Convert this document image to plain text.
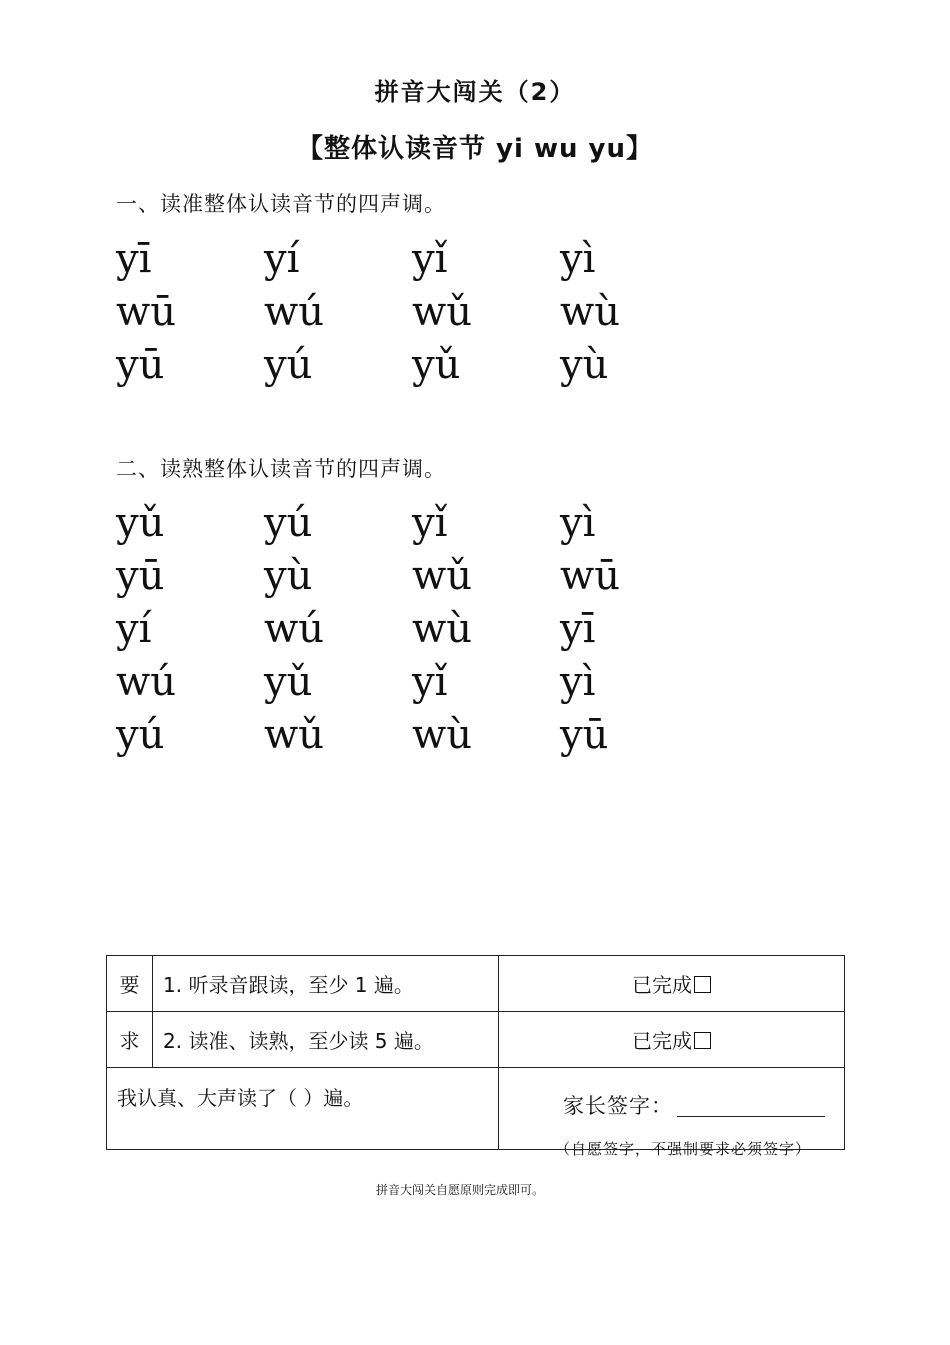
拼音大闯关（2）
【整体认读音节 yi wu yu】
一、读准整体认读音节的四声调。
yī	yí	yǐ	yì
wū	wú	wǔ	wù
yū	yú	yǔ	yù
二、读熟整体认读音节的四声调。
yǔ	yú	yǐ	yì
yū	yù	wǔ	wū
yí	wú	wù	yī
wú	yǔ	yǐ	yì
yú	wǔ	wù	yū
要	1. 听录音跟读，至少 1 遍。	已完成
求	2. 读准、读熟，至少读 5 遍。	已完成
我认真、大声读了（ ）遍。		家长签字：
（自愿签字，不强制要求必须签字）
拼音大闯关自愿原则完成即可。
